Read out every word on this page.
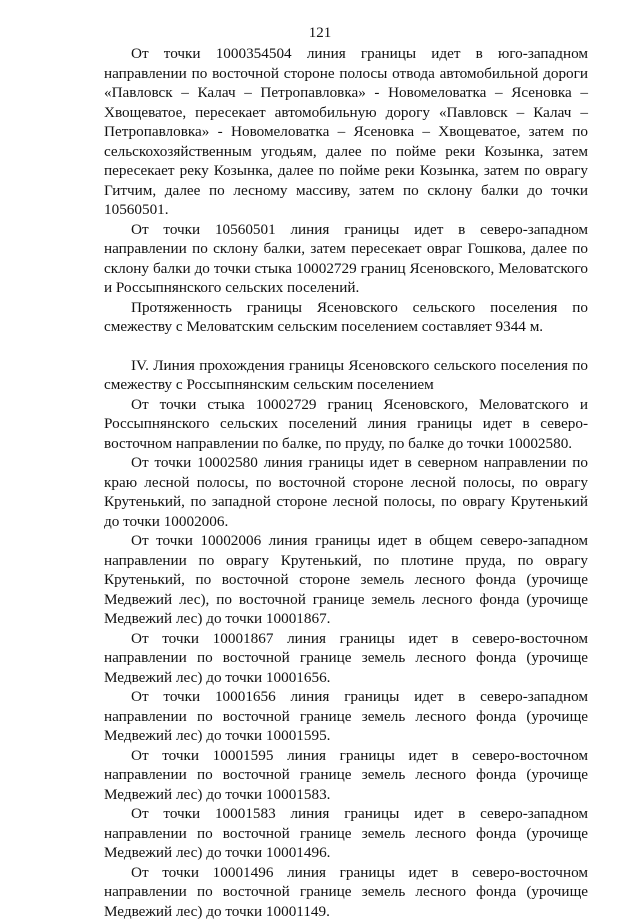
121

От точки 1000354504 линия границы идет в юго-западном направлении по восточной стороне полосы отвода автомобильной дороги «Павловск – Калач – Петропавловка» - Новомеловатка – Ясеновка – Хвощеватое, пересекает автомобильную дорогу «Павловск – Калач – Петропавловка» - Новомеловатка – Ясеновка – Хвощеватое, затем по сельскохозяйственным угодьям, далее по пойме реки Козынка, затем пересекает реку Козынка, далее по пойме реки Козынка, затем по оврагу Гитчим, далее по лесному массиву, затем по склону балки до точки 10560501.

От точки 10560501 линия границы идет в северо-западном направлении по склону балки, затем пересекает овраг Гошкова, далее по склону балки до точки стыка 10002729 границ Ясеновского, Меловатского и Россыпнянского сельских поселений.

Протяженность границы Ясеновского сельского поселения по смежеству с Меловатским сельским поселением составляет 9344 м.

IV. Линия прохождения границы Ясеновского сельского поселения по смежеству с Россыпнянским сельским поселением

От точки стыка 10002729 границ Ясеновского, Меловатского и Россыпнянского сельских поселений линия границы идет в северо-восточном направлении по балке, по пруду, по балке до точки 10002580.

От точки 10002580 линия границы идет в северном направлении по краю лесной полосы, по восточной стороне лесной полосы, по оврагу Крутенький, по западной стороне лесной полосы, по оврагу Крутенький до точки 10002006.

От точки 10002006 линия границы идет в общем северо-западном направлении по оврагу Крутенький, по плотине пруда, по оврагу Крутенький, по восточной стороне земель лесного фонда (урочище Медвежий лес), по восточной границе земель лесного фонда (урочище Медвежий лес) до точки 10001867.

От точки 10001867 линия границы идет в северо-восточном направлении по восточной границе земель лесного фонда (урочище Медвежий лес) до точки 10001656.

От точки 10001656 линия границы идет в северо-западном направлении по восточной границе земель лесного фонда (урочище Медвежий лес) до точки 10001595.

От точки 10001595 линия границы идет в северо-восточном направлении по восточной границе земель лесного фонда (урочище Медвежий лес) до точки 10001583.

От точки 10001583 линия границы идет в северо-западном направлении по восточной границе земель лесного фонда (урочище Медвежий лес) до точки 10001496.

От точки 10001496 линия границы идет в северо-восточном направлении по восточной границе земель лесного фонда (урочище Медвежий лес) до точки 10001149.
